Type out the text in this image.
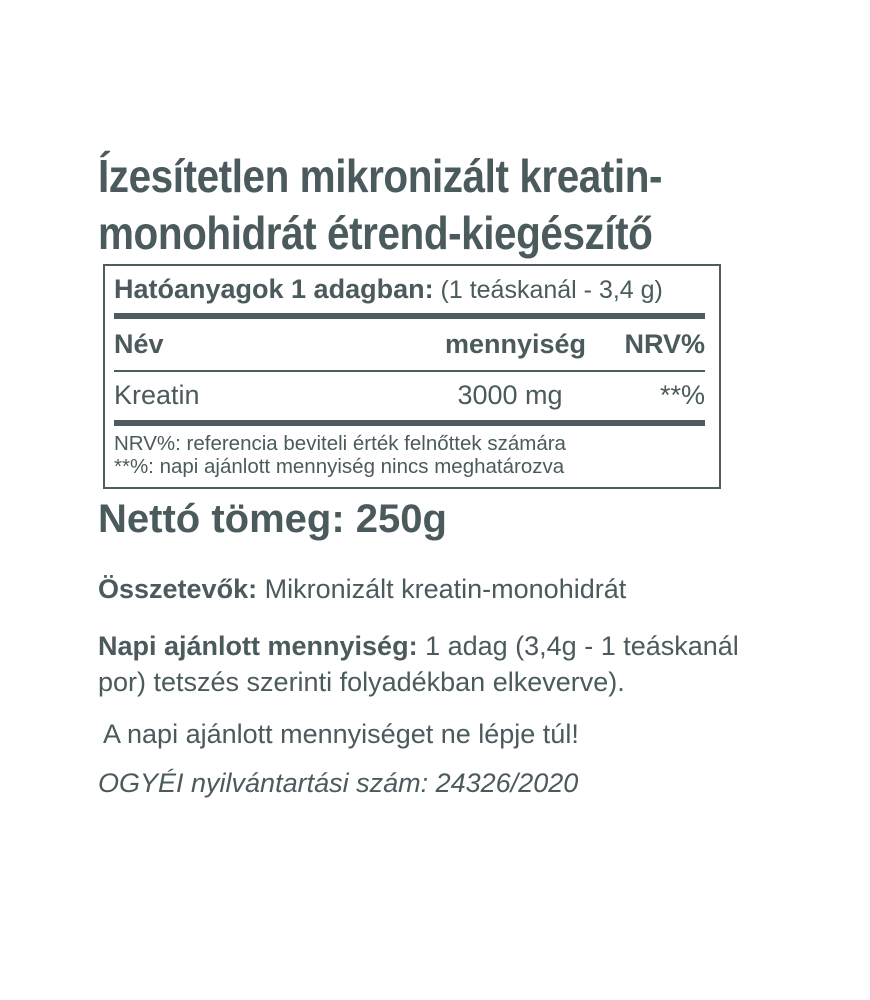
Ízesítetlen mikronizált kreatin-
monohidrát étrend-kiegészítő
Hatóanyagok 1 adagban: (1 teáskanál - 3,4 g)
Név	mennyiség	NRV%
Kreatin	3000 mg	**%
NRV%: referencia beviteli érték felnőttek számára
**%: napi ajánlott mennyiség nincs meghatározva
Nettó tömeg: 250g
Összetevők: Mikronizált kreatin-monohidrát
Napi ajánlott mennyiség: 1 adag (3,4g - 1 teáskanál por) tetszés szerinti folyadékban elkeverve).
A napi ajánlott mennyiséget ne lépje túl!
OGYÉI nyilvántartási szám: 24326/2020
